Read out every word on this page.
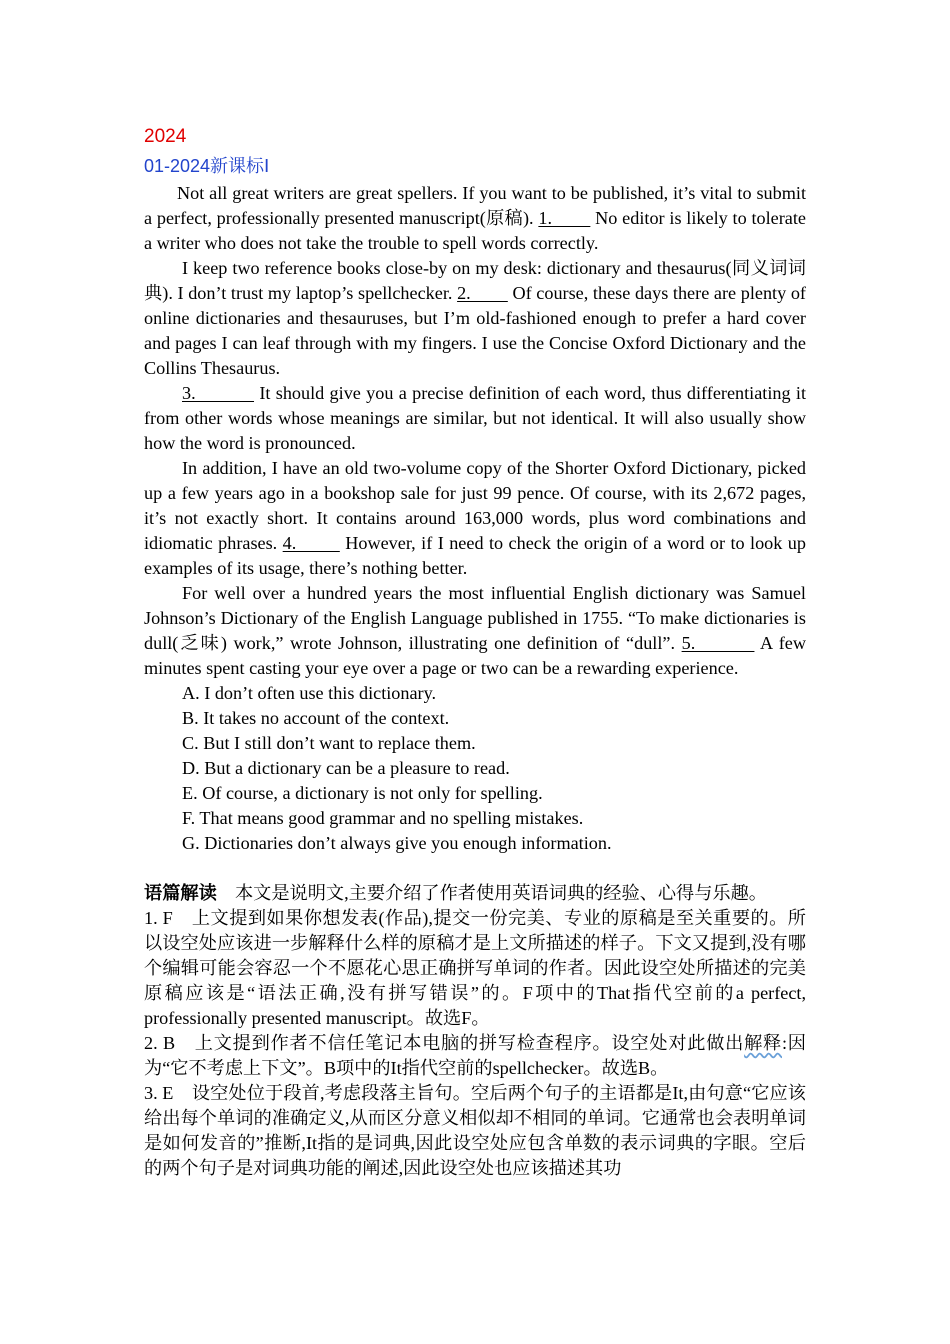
2024
01-2024新课标Ⅰ

Not all great writers are great spellers. If you want to be published, it’s vital to submit a perfect, professionally presented manuscript(原稿). 1.         No editor is likely to tolerate a writer who does not take the trouble to spell words correctly.

I keep two reference books close-by on my desk: dictionary and thesaurus(同义词词典). I don’t trust my laptop’s spellchecker. 2.         Of course, these days there are plenty of online dictionaries and thesauruses, but I’m old-fashioned enough to prefer a hard cover and pages I can leaf through with my fingers. I use the Concise Oxford Dictionary and the Collins Thesaurus.

3.            It should give you a precise definition of each word, thus differentiating it from other words whose meanings are similar, but not identical. It will also usually show how the word is pronounced.

In addition, I have an old two-volume copy of the Shorter Oxford Dictionary, picked up a few years ago in a bookshop sale for just 99 pence. Of course, with its 2,672 pages, it’s not exactly short. It contains around 163,000 words, plus word combinations and idiomatic phrases. 4.         However, if I need to check the origin of a word or to look up examples of its usage, there’s nothing better.

For well over a hundred years the most influential English dictionary was Samuel Johnson’s Dictionary of the English Language published in 1755. “To make dictionaries is dull(乏味) work,” wrote Johnson, illustrating one definition of “dull”. 5.          A few minutes spent casting your eye over a page or two can be a rewarding experience.

A. I don’t often use this dictionary.

B. It takes no account of the context.

C. But I still don’t want to replace them.

D. But a dictionary can be a pleasure to read.

E. Of course, a dictionary is not only for spelling.

F. That means good grammar and no spelling mistakes.

G. Dictionaries don’t always give you enough information.

语篇解读　本文是说明文,主要介绍了作者使用英语词典的经验、心得与乐趣。

1. F　上文提到如果你想发表(作品),提交一份完美、专业的原稿是至关重要的。所以设空处应该进一步解释什么样的原稿才是上文所描述的样子。下文又提到,没有哪个编辑可能会容忍一个不愿花心思正确拼写单词的作者。因此设空处所描述的完美原稿应该是“语法正确,没有拼写错误”的。F项中的That指代空前的a perfect, professionally presented manuscript。故选F。

2. B　上文提到作者不信任笔记本电脑的拼写检查程序。设空处对此做出解释:因为“它不考虑上下文”。B项中的It指代空前的spellchecker。故选B。

3. E　设空处位于段首,考虑段落主旨句。空后两个句子的主语都是It,由句意“它应该给出每个单词的准确定义,从而区分意义相似却不相同的单词。它通常也会表明单词是如何发音的”推断,It指的是词典,因此设空处应包含单数的表示词典的字眼。空后的两个句子是对词典功能的阐述,因此设空处也应该描述其功
